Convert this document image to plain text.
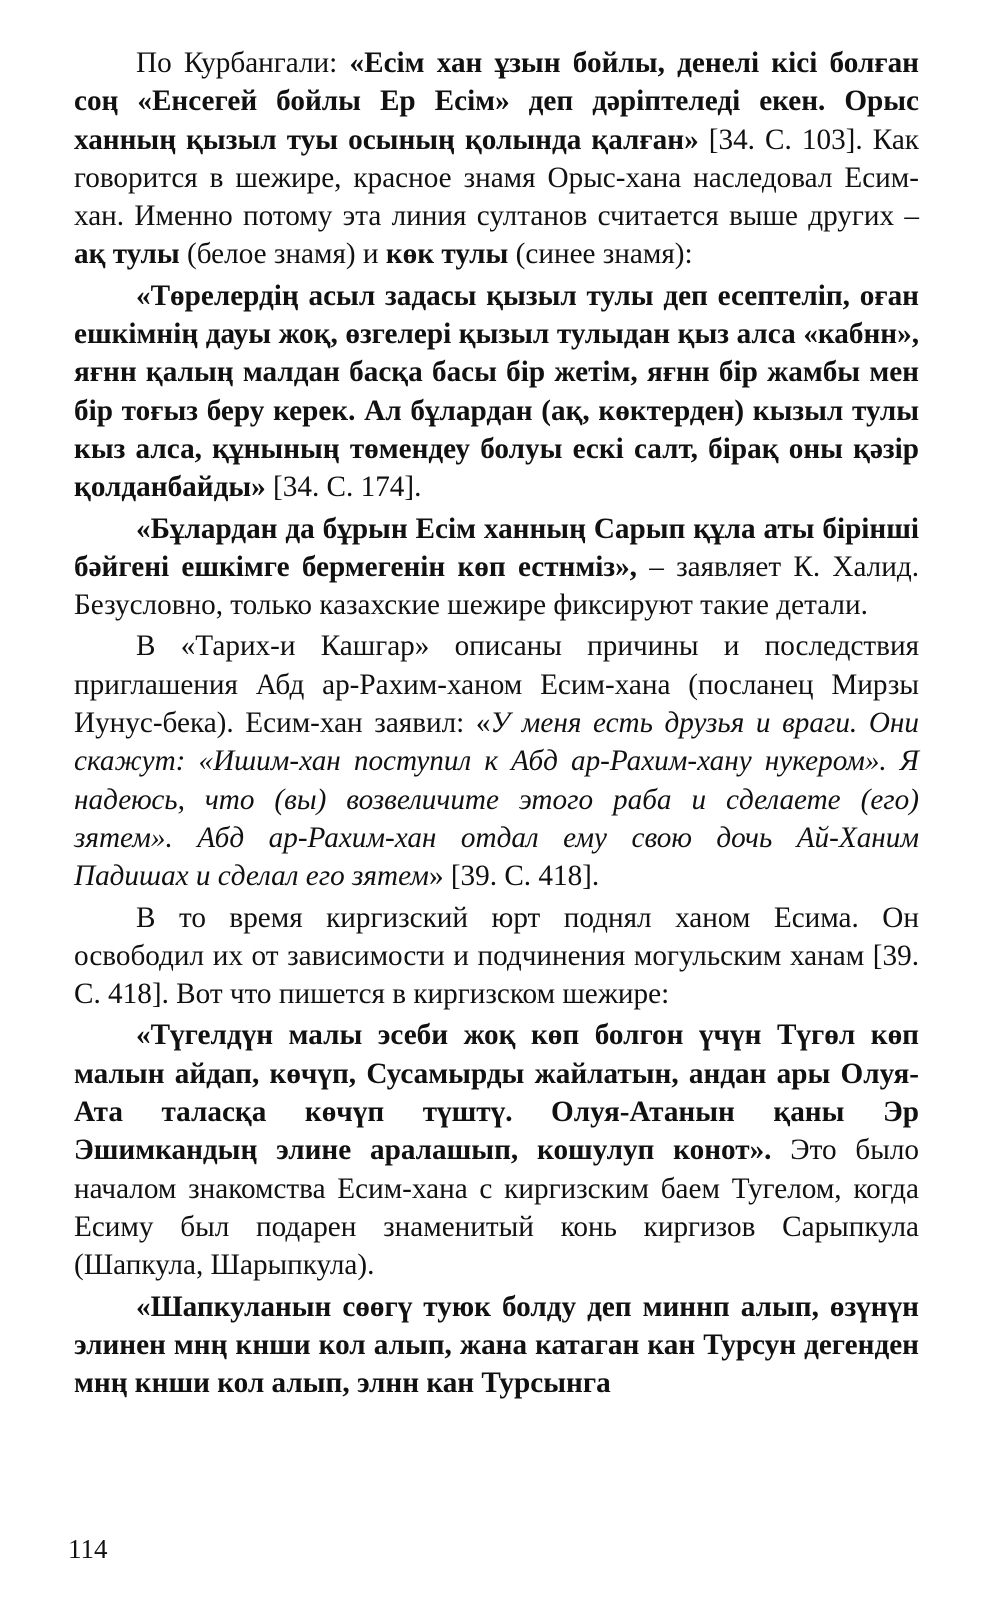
По Курбангали: «Есім хан ұзын бойлы, денелі кісі болған соң «Енсегей бойлы Ер Есім» деп дәріптеледі екен. Орыс ханның қызыл туы осының қолында қалған» [34. С. 103]. Как говорится в шежире, красное знамя Орыс-хана наследовал Есим-хан. Именно потому эта линия султанов считается выше других – ақ тулы (белое знамя) и көк тулы (синее знамя):

«Төрелердің асыл задасы қызыл тулы деп есептеліп, оған ешкімнің дауы жоқ, өзгелері қызыл тулыдан қыз алса «кабнн», яғнн қалың малдан басқа басы бір жетім, яғнн бір жамбы мен бір тоғыз беру керек. Ал бұлардан (ақ, көктерден) кызыл тулы кыз алса, құнының төмендеу болуы ескі салт, бірақ оны қәзір қолданбайды» [34. С. 174].

«Бұлардан да бұрын Есім ханның Сарып құла аты бірінші бәйгені ешкімге бермегенін көп естнміз», – заявляет К. Халид. Безусловно, только казахские шежире фиксируют такие детали.

В «Тарих-и Кашгар» описаны причины и последствия приглашения Абд ар-Рахим-ханом Есим-хана (посланец Мирзы Иунус-бека). Есим-хан заявил: «У меня есть друзья и враги. Они скажут: «Ишим-хан поступил к Абд ар-Рахим-хану нукером». Я надеюсь, что (вы) возвеличите этого раба и сделаете (его) зятем». Абд ар-Рахим-хан отдал ему свою дочь Ай-Ханим Падишах и сделал его зятем» [39. С. 418].

В то время киргизский юрт поднял ханом Есима. Он освободил их от зависимости и подчинения могульским ханам [39. С. 418]. Вот что пишется в киргизском шежире:

«Түгелдүн малы эсеби жоқ көп болгон үчүн Түгөл көп малын айдап, көчүп, Сусамырды жайлатын, андан ары Олуя-Ата таласқа көчүп түштү. Олуя-Атанын қаны Эр Эшимкандың элине аралашып, кошулуп конот». Это было началом знакомства Есим-хана с киргизским баем Тугелом, когда Есиму был подарен знаменитый конь киргизов Сарыпкула (Шапкула, Шарыпкула).

«Шапкуланын сөөгү туюк болду деп миннп алып, өзүнүн элинен мнң кнши кол алып, жана катаган кан Турсун дегенден мнң кнши кол алып, элнн кан Турсынга

114
